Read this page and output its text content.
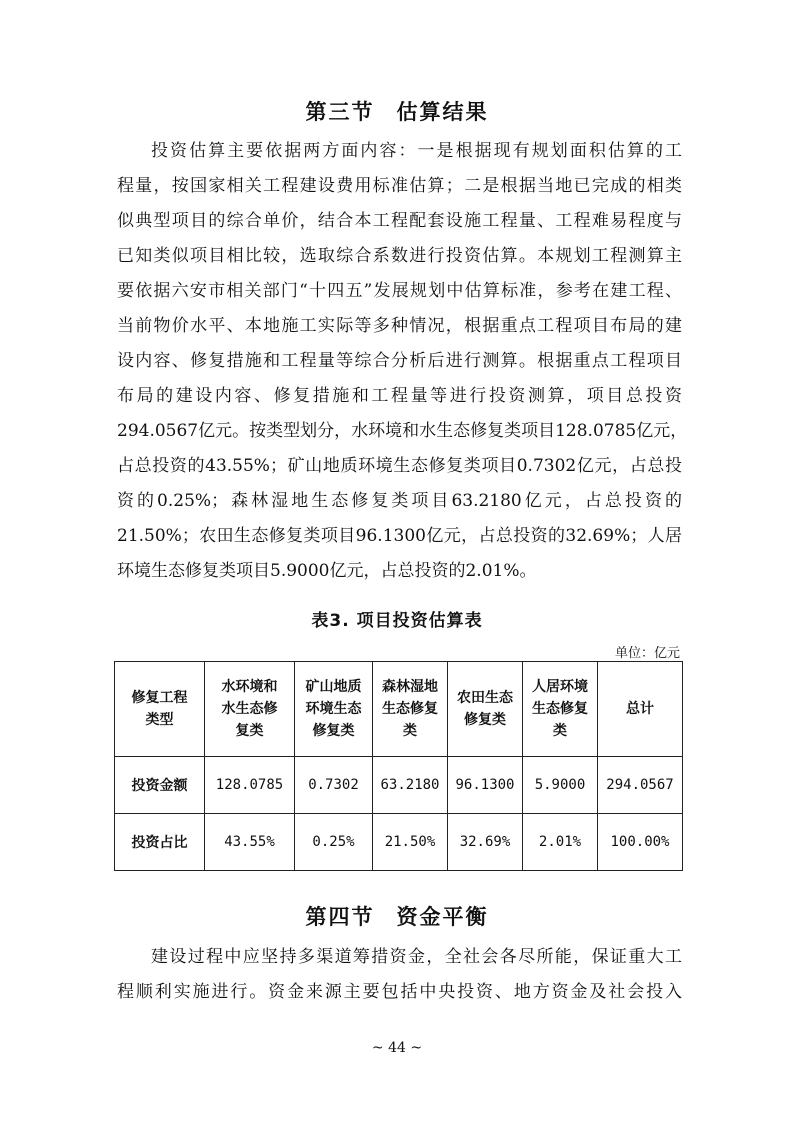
第三节 估算结果
投资估算主要依据两方面内容：一是根据现有规划面积估算的工
程量，按国家相关工程建设费用标准估算；二是根据当地已完成的相类
似典型项目的综合单价，结合本工程配套设施工程量、工程难易程度与
已知类似项目相比较，选取综合系数进行投资估算。本规划工程测算主
要依据六安市相关部门“十四五”发展规划中估算标准，参考在建工程、
当前物价水平、本地施工实际等多种情况，根据重点工程项目布局的建
设内容、修复措施和工程量等综合分析后进行测算。根据重点工程项目
布局的建设内容、修复措施和工程量等进行投资测算，项目总投资
294.0567亿元。按类型划分，水环境和水生态修复类项目128.0785亿元，
占总投资的43.55%；矿山地质环境生态修复类项目0.7302亿元，占总投
资的0.25%；森林湿地生态修复类项目63.2180亿元，占总投资的
21.50%；农田生态修复类项目96.1300亿元，占总投资的32.69%；人居
环境生态修复类项目5.9000亿元，占总投资的2.01%。
表3. 项目投资估算表
单位：亿元
修复工程类型	水环境和水生态修复类	矿山地质环境生态修复类	森林湿地生态修复类	农田生态修复类	人居环境生态修复类	总计
投资金额	128.0785	0.7302	63.2180	96.1300	5.9000	294.0567
投资占比	43.55%	0.25%	21.50%	32.69%	2.01%	100.00%
第四节 资金平衡
建设过程中应坚持多渠道筹措资金，全社会各尽所能，保证重大工
程顺利实施进行。资金来源主要包括中央投资、地方资金及社会投入
~ 44 ~
